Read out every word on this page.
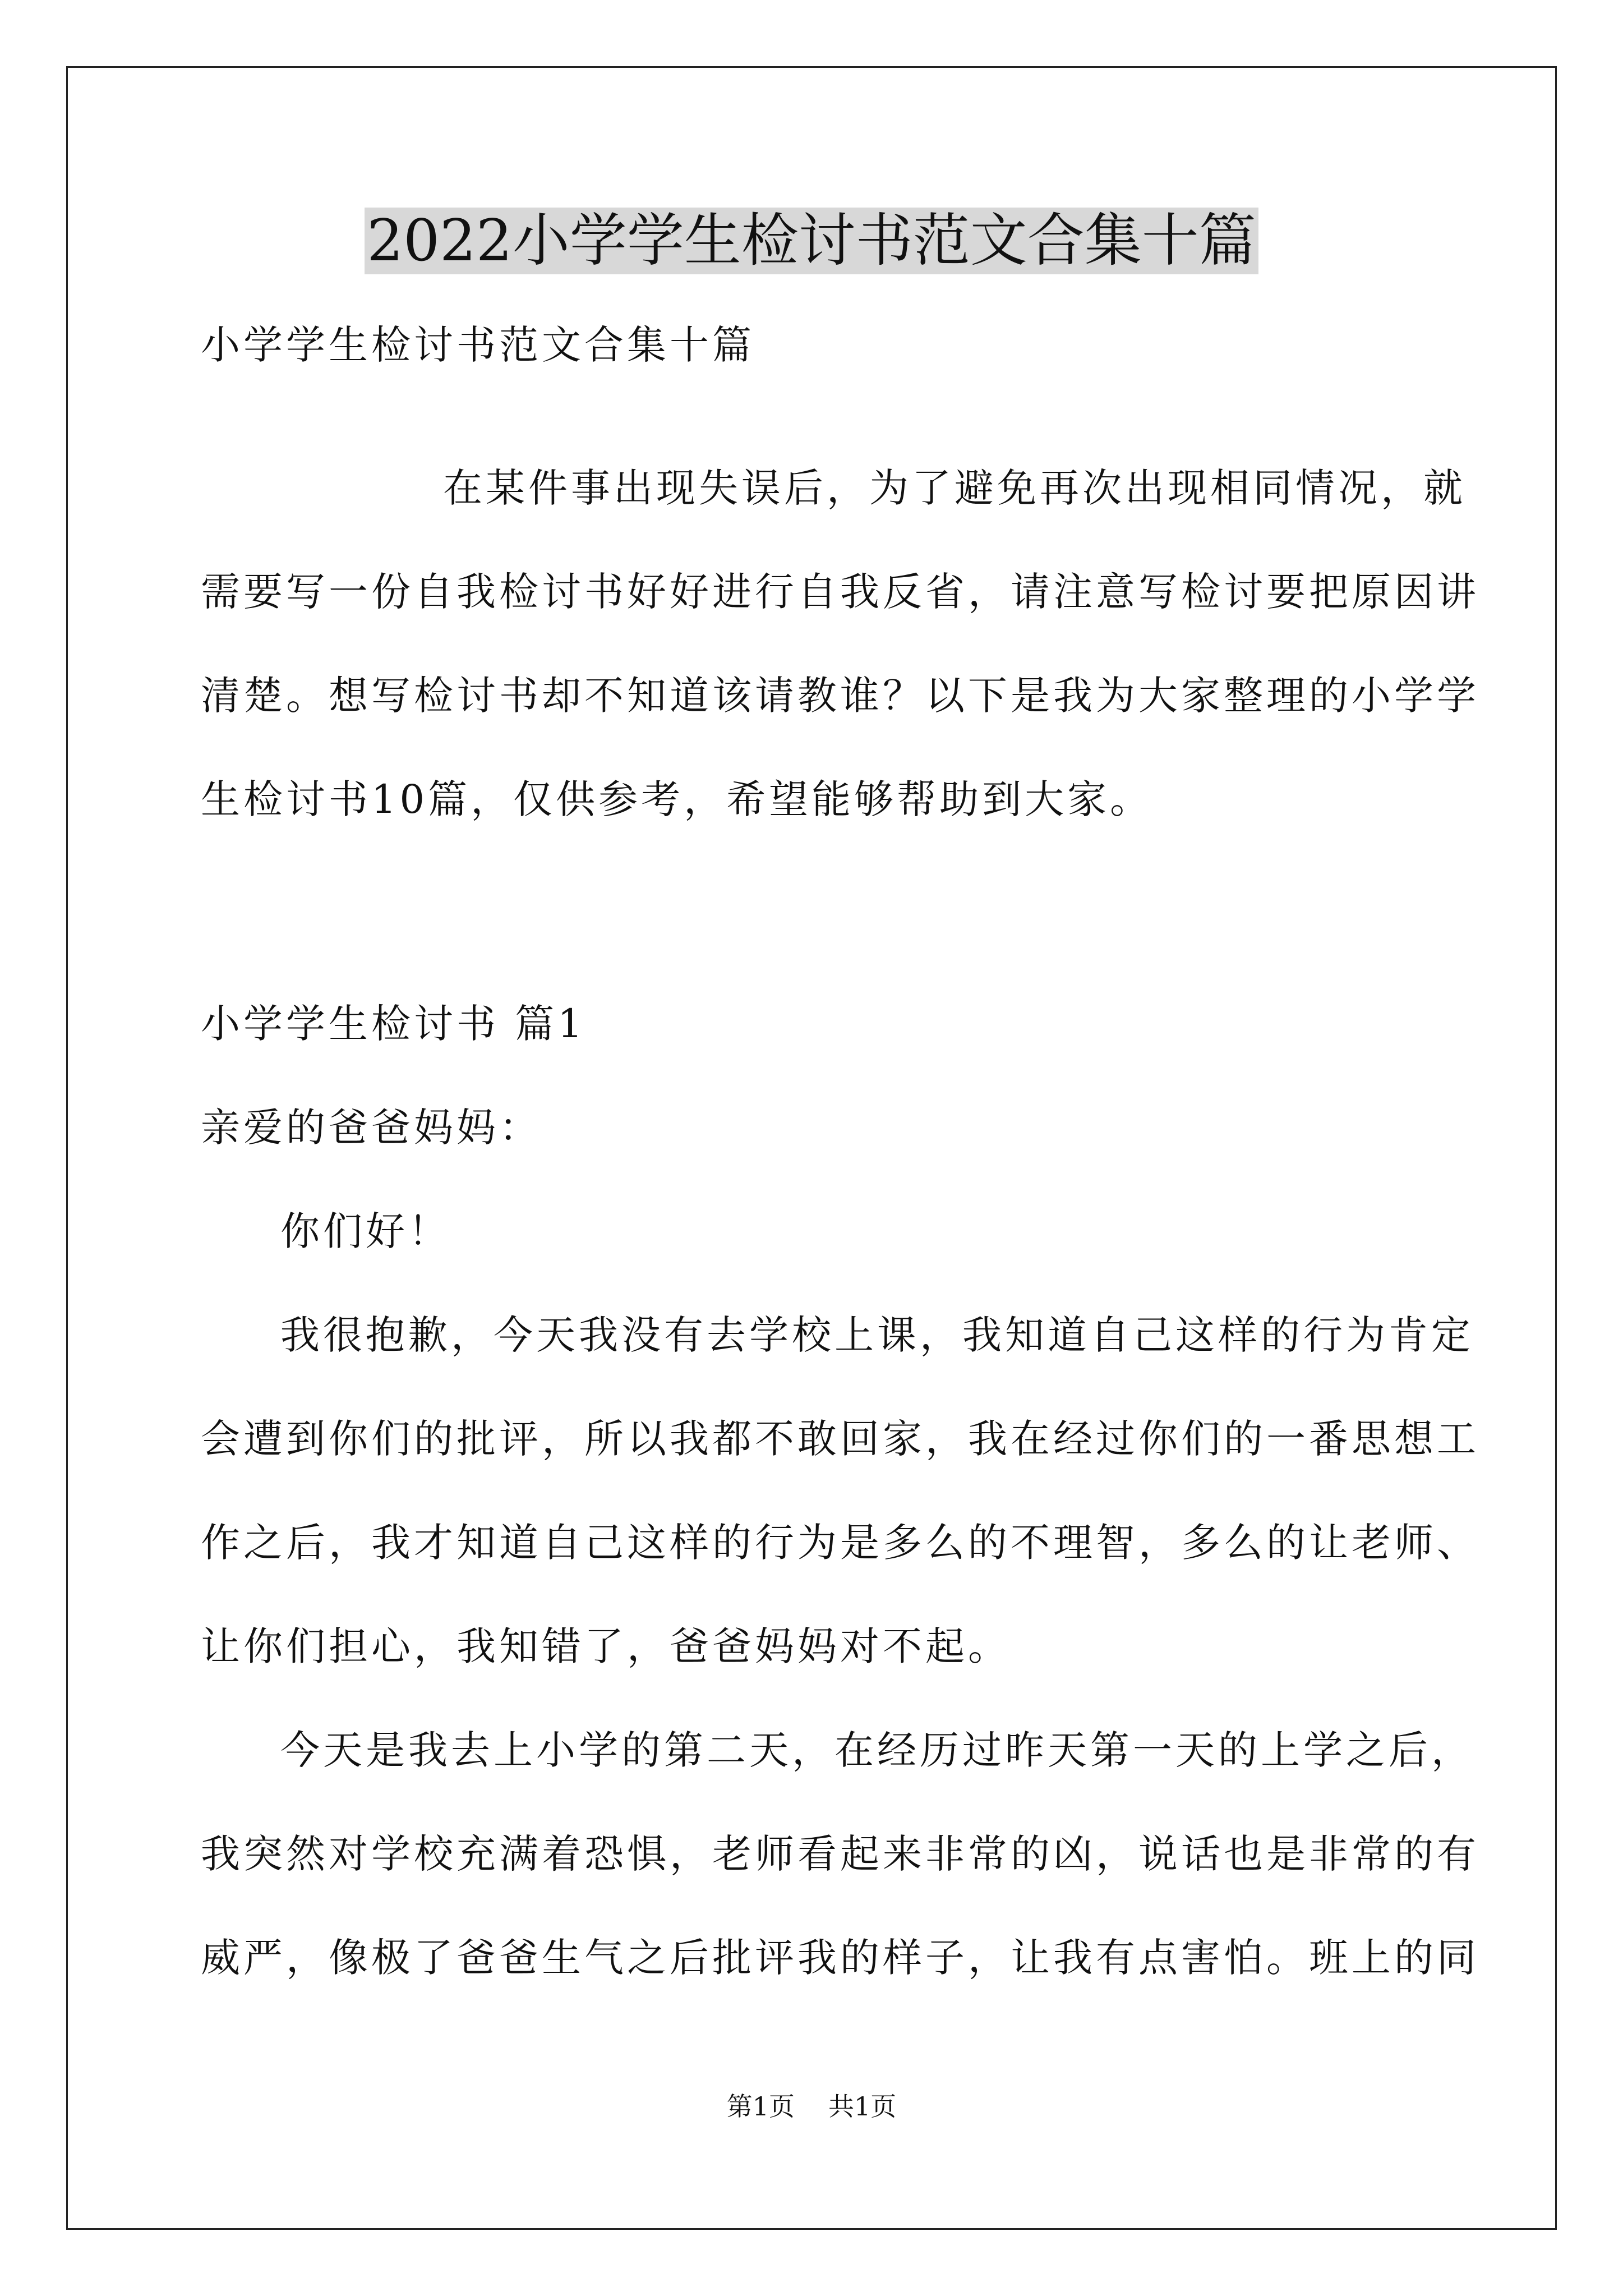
2022小学学生检讨书范文合集十篇
小学学生检讨书范文合集十篇
在某件事出现失误后，为了避免再次出现相同情况，就
需要写一份自我检讨书好好进行自我反省，请注意写检讨要把原因讲
清楚。想写检讨书却不知道该请教谁？以下是我为大家整理的小学学
生检讨书10篇，仅供参考，希望能够帮助到大家。
小学学生检讨书 篇1
亲爱的爸爸妈妈：
你们好！
我很抱歉，今天我没有去学校上课，我知道自己这样的行为肯定
会遭到你们的批评，所以我都不敢回家，我在经过你们的一番思想工
作之后，我才知道自己这样的行为是多么的不理智，多么的让老师、
让你们担心，我知错了，爸爸妈妈对不起。
今天是我去上小学的第二天，在经历过昨天第一天的上学之后，
我突然对学校充满着恐惧，老师看起来非常的凶，说话也是非常的有
威严，像极了爸爸生气之后批评我的样子，让我有点害怕。班上的同
第1页 共1页
